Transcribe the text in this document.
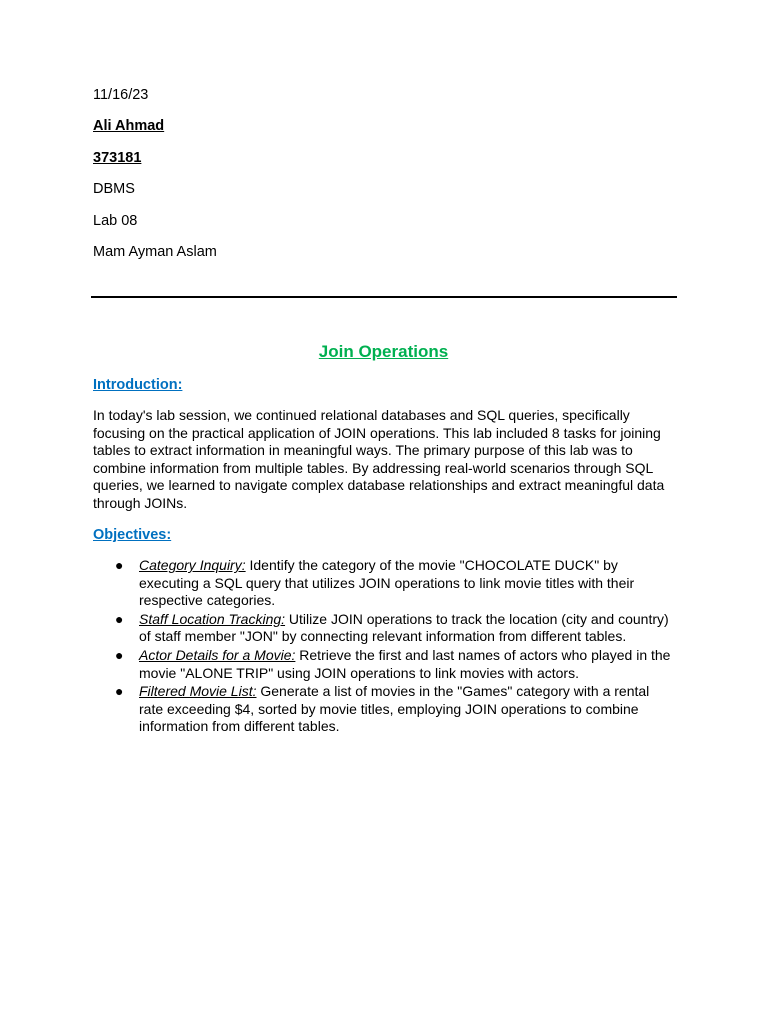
11/16/23
Ali Ahmad
373181
DBMS
Lab 08
Mam Ayman Aslam
Join Operations
Introduction:

In today's lab session, we continued relational databases and SQL queries, specifically focusing on the practical application of JOIN operations. This lab included 8 tasks for joining tables to extract information in meaningful ways. The primary purpose of this lab was to combine information from multiple tables. By addressing real-world scenarios through SQL queries, we learned to navigate complex database relationships and extract meaningful data through JOINs.

Objectives:
● Category Inquiry: Identify the category of the movie "CHOCOLATE DUCK" by executing a SQL query that utilizes JOIN operations to link movie titles with their respective categories.
● Staff Location Tracking: Utilize JOIN operations to track the location (city and country) of staff member "JON" by connecting relevant information from different tables.
● Actor Details for a Movie: Retrieve the first and last names of actors who played in the movie "ALONE TRIP" using JOIN operations to link movies with actors.
● Filtered Movie List: Generate a list of movies in the "Games" category with a rental rate exceeding $4, sorted by movie titles, employing JOIN operations to combine information from different tables.
